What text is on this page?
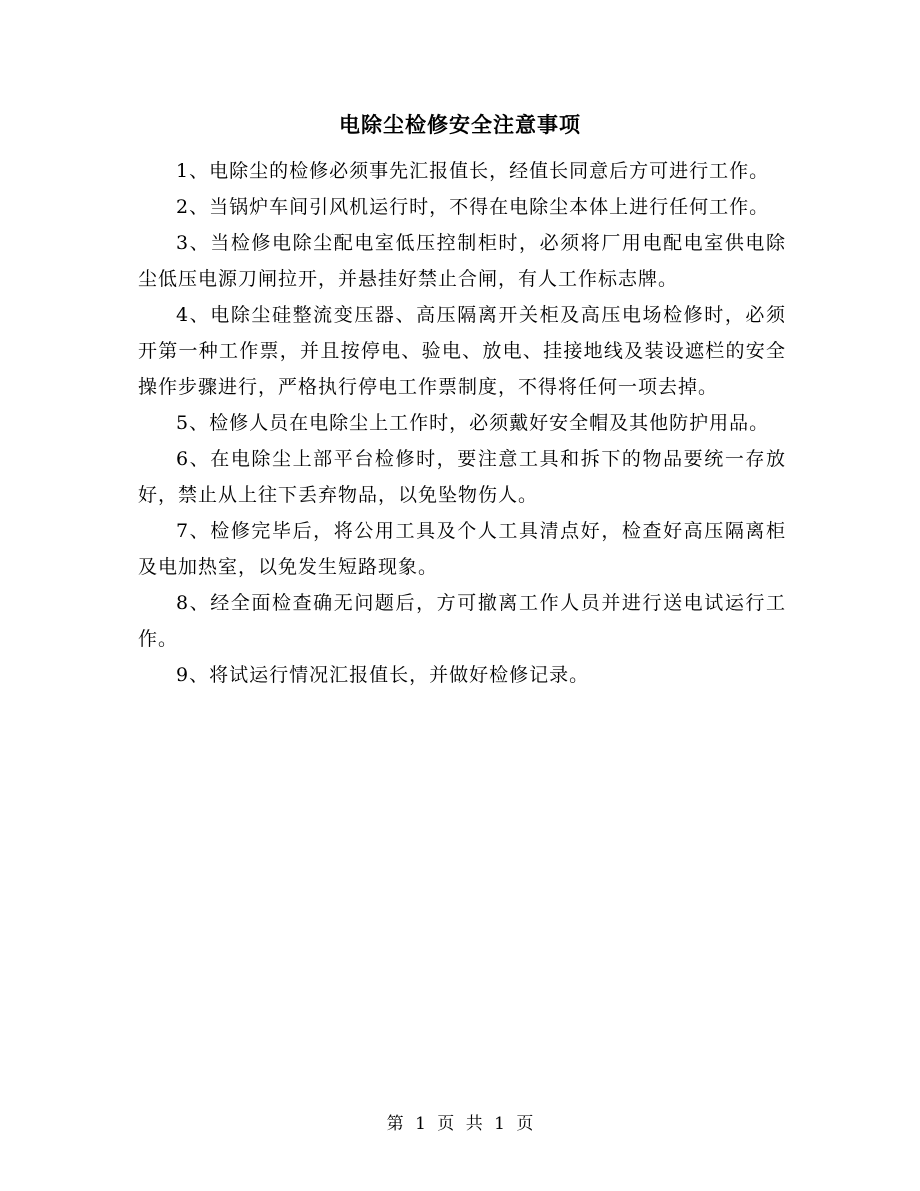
电除尘检修安全注意事项

1、电除尘的检修必须事先汇报值长，经值长同意后方可进行工作。

2、当锅炉车间引风机运行时，不得在电除尘本体上进行任何工作。

3、当检修电除尘配电室低压控制柜时，必须将厂用电配电室供电除尘低压电源刀闸拉开，并悬挂好禁止合闸，有人工作标志牌。

4、电除尘硅整流变压器、高压隔离开关柜及高压电场检修时，必须开第一种工作票，并且按停电、验电、放电、挂接地线及装设遮栏的安全操作步骤进行，严格执行停电工作票制度，不得将任何一项去掉。

5、检修人员在电除尘上工作时，必须戴好安全帽及其他防护用品。

6、在电除尘上部平台检修时，要注意工具和拆下的物品要统一存放好，禁止从上往下丢弃物品，以免坠物伤人。

7、检修完毕后，将公用工具及个人工具清点好，检查好高压隔离柜及电加热室，以免发生短路现象。

8、经全面检查确无问题后，方可撤离工作人员并进行送电试运行工作。

9、将试运行情况汇报值长，并做好检修记录。

第 1 页 共 1 页
